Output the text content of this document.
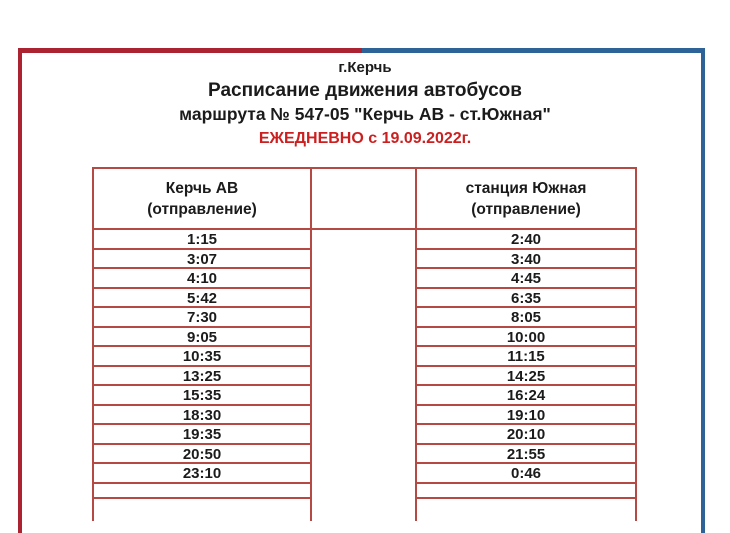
г.Керчь
Расписание движения автобусов
маршрута № 547-05 "Керчь АВ - ст.Южная"
ЕЖЕДНЕВНО с 19.09.2022г.
Керчь АВ
(отправление)
1:15
3:07
4:10
5:42
7:30
9:05
10:35
13:25
15:35
18:30
19:35
20:50
23:10
станция Южная
(отправление)
2:40
3:40
4:45
6:35
8:05
10:00
11:15
14:25
16:24
19:10
20:10
21:55
0:46
